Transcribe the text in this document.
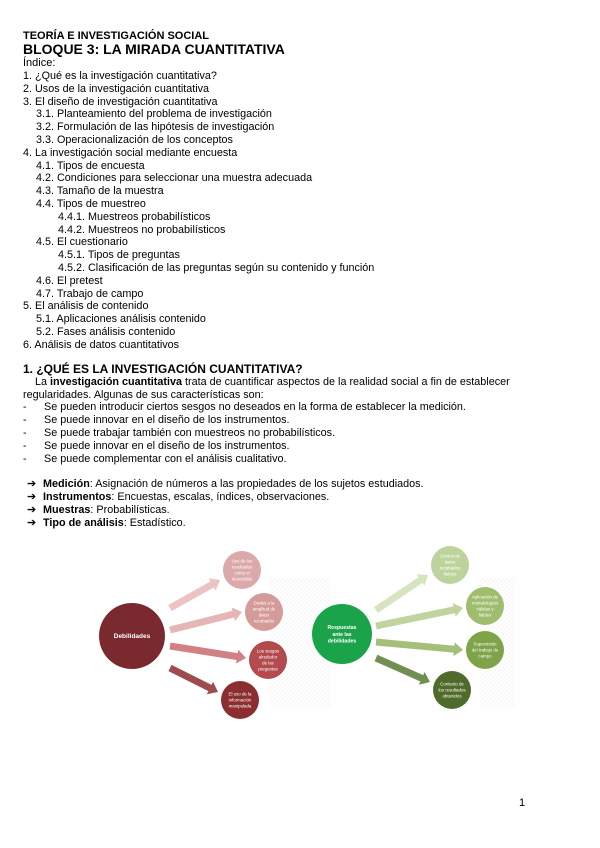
TEORÍA E INVESTIGACIÓN SOCIAL
BLOQUE 3: LA MIRADA CUANTITATIVA
Índice:
1. ¿Qué es la investigación cuantitativa?
2. Usos de la investigación cuantitativa
3. El diseño de investigación cuantitativa
3.1. Planteamiento del problema de investigación
3.2. Formulación de las hipótesis de investigación
3.3. Operacionalización de los conceptos
4. La investigación social mediante encuesta
4.1. Tipos de encuesta
4.2. Condiciones para seleccionar una muestra adecuada
4.3. Tamaño de la muestra
4.4. Tipos de muestreo
4.4.1. Muestreos probabilísticos
4.4.2. Muestreos no probabilísticos
4.5. El cuestionario
4.5.1. Tipos de preguntas
4.5.2. Clasificación de las preguntas según su contenido y función
4.6. El pretest
4.7. Trabajo de campo
5. El análisis de contenido
5.1. Aplicaciones análisis contenido
5.2. Fases análisis contenido
6. Análisis de datos cuantitativos
1. ¿QUÉ ES LA INVESTIGACIÓN CUANTITATIVA?
La investigación cuantitativa trata de cuantificar aspectos de la realidad social a fin de establecer
regularidades. Algunas de sus características son:
- Se pueden introducir ciertos sesgos no deseados en la forma de establecer la medición.
- Se puede innovar en el diseño de los instrumentos.
- Se puede trabajar también con muestreos no probabilísticos.
- Se puede innovar en el diseño de los instrumentos.
- Se puede complementar con el análisis cualitativo.
➔ Medición: Asignación de números a las propiedades de los sujetos estudiados.
➔ Instrumentos: Encuestas, escalas, índices, observaciones.
➔ Muestras: Probabilísticas.
➔ Tipo de análisis: Estadístico.
Debilidades
Uso de los
resultados
como el
descrédito
Dudas a la
amplitud de
datos
recabados
Los sesgos
alrededor
de las
preguntas
El uso de la
información
manipulada
Respuestas
ante las
debilidades
Control de
datos
recabados
fiables
Aplicación de
metodologías
válidas y
fiables
Supervisión
del trabajo de
campo
Contexto de
los resultados
obtenidos
1
